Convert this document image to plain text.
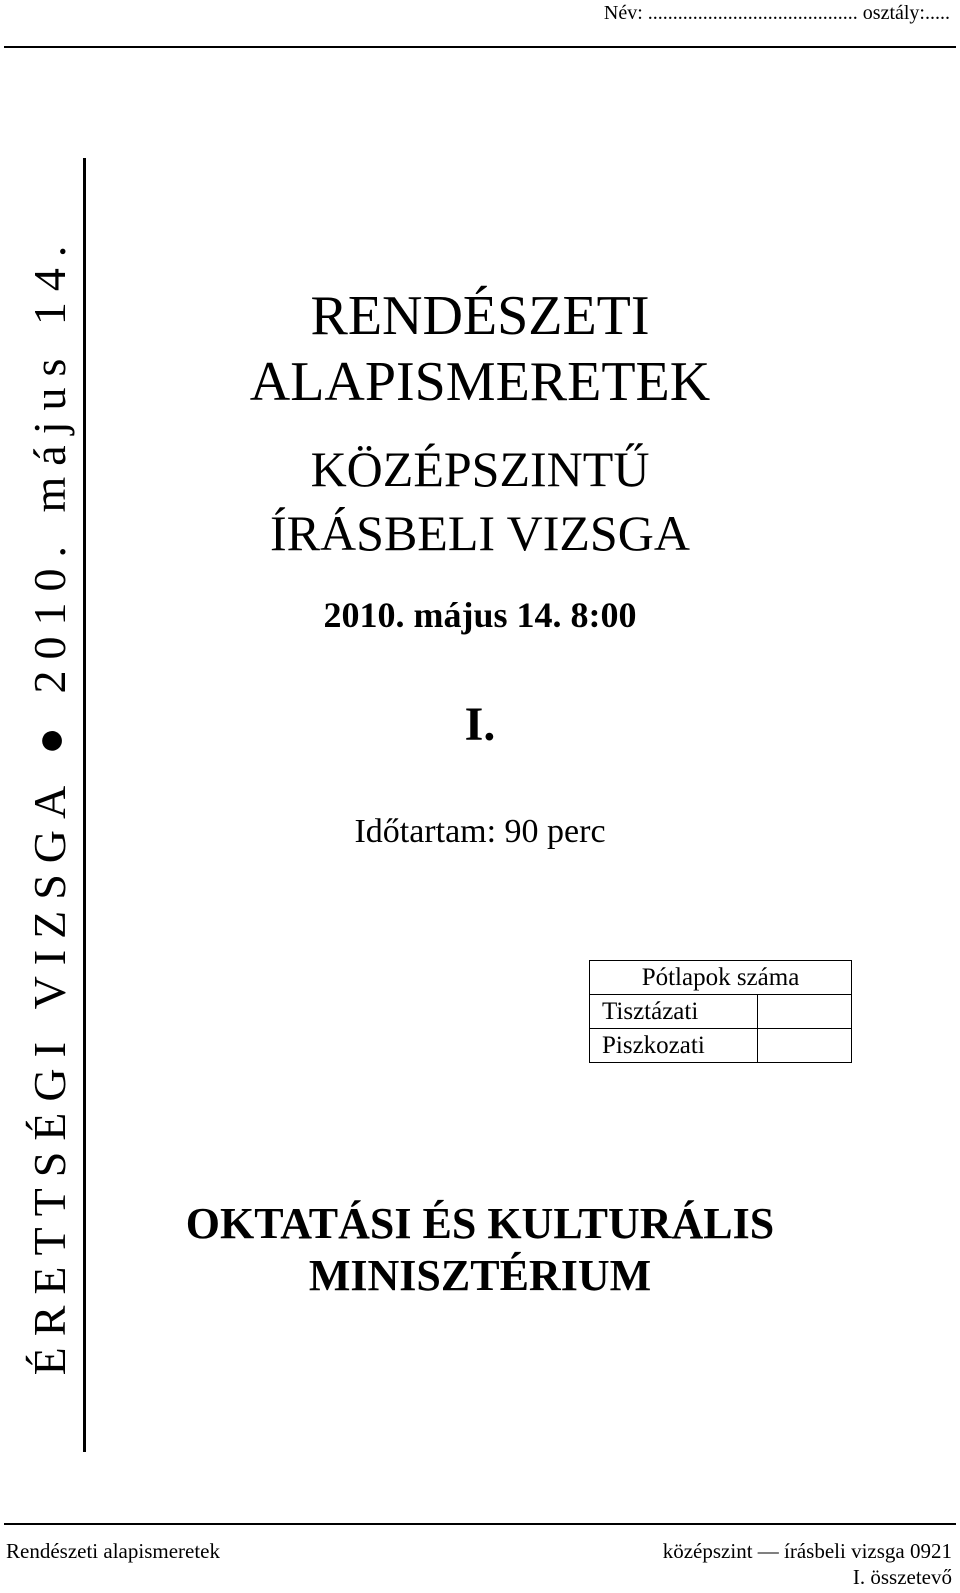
Név: .......................................... osztály:.....
ÉRETTSÉGI VIZSGA ● 2010. május 14.	RENDÉSZETI
ALAPISMERETEK
KÖZÉPSZINTŰ
ÍRÁSBELI VIZSGA
2010. május 14. 8:00
I.
Időtartam: 90 perc
Pótlapok száma	
Tisztázati	
Piszkozati	
OKTATÁSI ÉS KULTURÁLIS
MINISZTÉRIUM
Rendészeti alapismeretek	középszint — írásbeli vizsga 0921
I. összetevő
